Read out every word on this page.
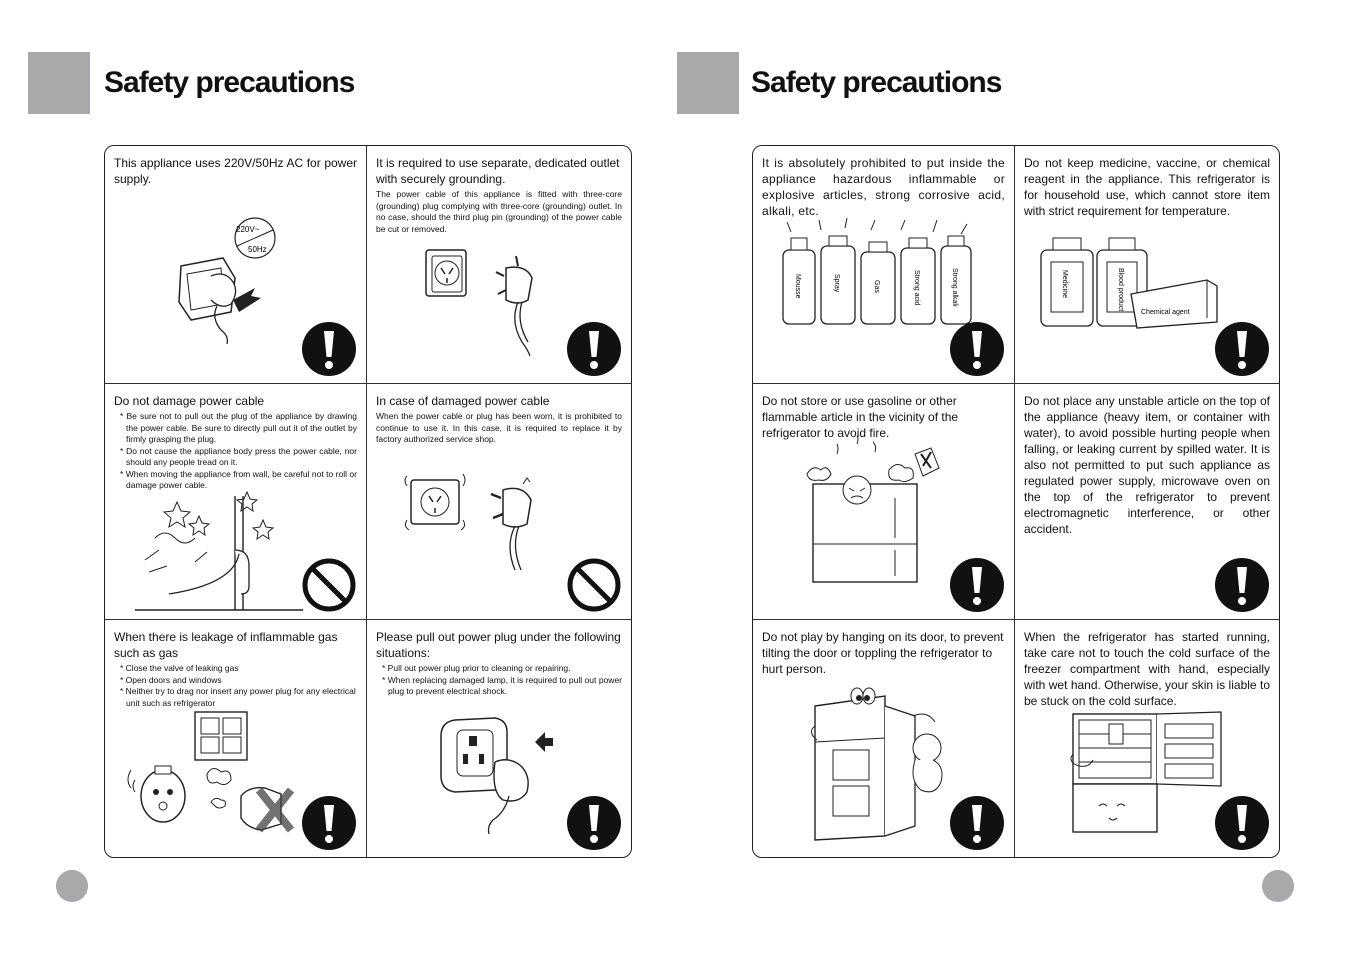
Safety precautions

This appliance uses 220V/50Hz AC for power supply.

220V~
50Hz

It is required to use separate, dedicated outlet with securely grounding.

The power cable of this appliance is fitted with three-core (grounding) plug complying with three-core (grounding) outlet. In no case, should the third plug pin (grounding) of the power cable be cut or removed.

Do not damage power cable

* Be sure not to pull out the plug of the appliance by drawing the power cable. Be sure to directly pull out it of the outlet by firmly grasping the plug.
* Do not cause the appliance body press the power cable, nor should any people tread on it.
* When moving the appliance from wall, be careful not to roll or damage power cable.

In case of damaged power cable

When the power cable or plug has been worn, it is prohibited to continue to use it. In this case, it is required to replace it by factory authorized service shop.

When there is leakage of inflammable gas such as gas

* Close the valve of leaking gas
* Open doors and windows
* Neither try to drag nor insert any power plug for any electrical unit such as refrigerator

Please pull out power plug under the following situations:

* Pull out power plug prior to cleaning or repairing.
* When replacing damaged lamp, it is required to pull out power plug to prevent electrical shock.
Safety precautions

It is absolutely prohibited to put inside the appliance hazardous inflammable or explosive articles, strong corrosive acid, alkali, etc.

Mousse	Spray	Gas	Strong acid	Strong alkali

Do not keep medicine, vaccine, or chemical reagent in the appliance. This refrigerator is for household use, which cannot store item with strict requirement for temperature.

Medicine	Blood product
Chemical agent

Do not store or use gasoline or other flammable article in the vicinity of the refrigerator to avoid fire.

Do not place any unstable article on the top of the appliance (heavy item, or container with water), to avoid possible hurting people when falling, or leaking current by spilled water. It is also not permitted to put such appliance as regulated power supply, microwave oven on the top of the refrigerator to prevent electromagnetic interference, or other accident.

Do not play by hanging on its door, to prevent tilting the door or toppling the refrigerator to hurt person.

When the refrigerator has started running, take care not to touch the cold surface of the freezer compartment with hand, especially with wet hand. Otherwise, your skin is liable to be stuck on the cold surface.
